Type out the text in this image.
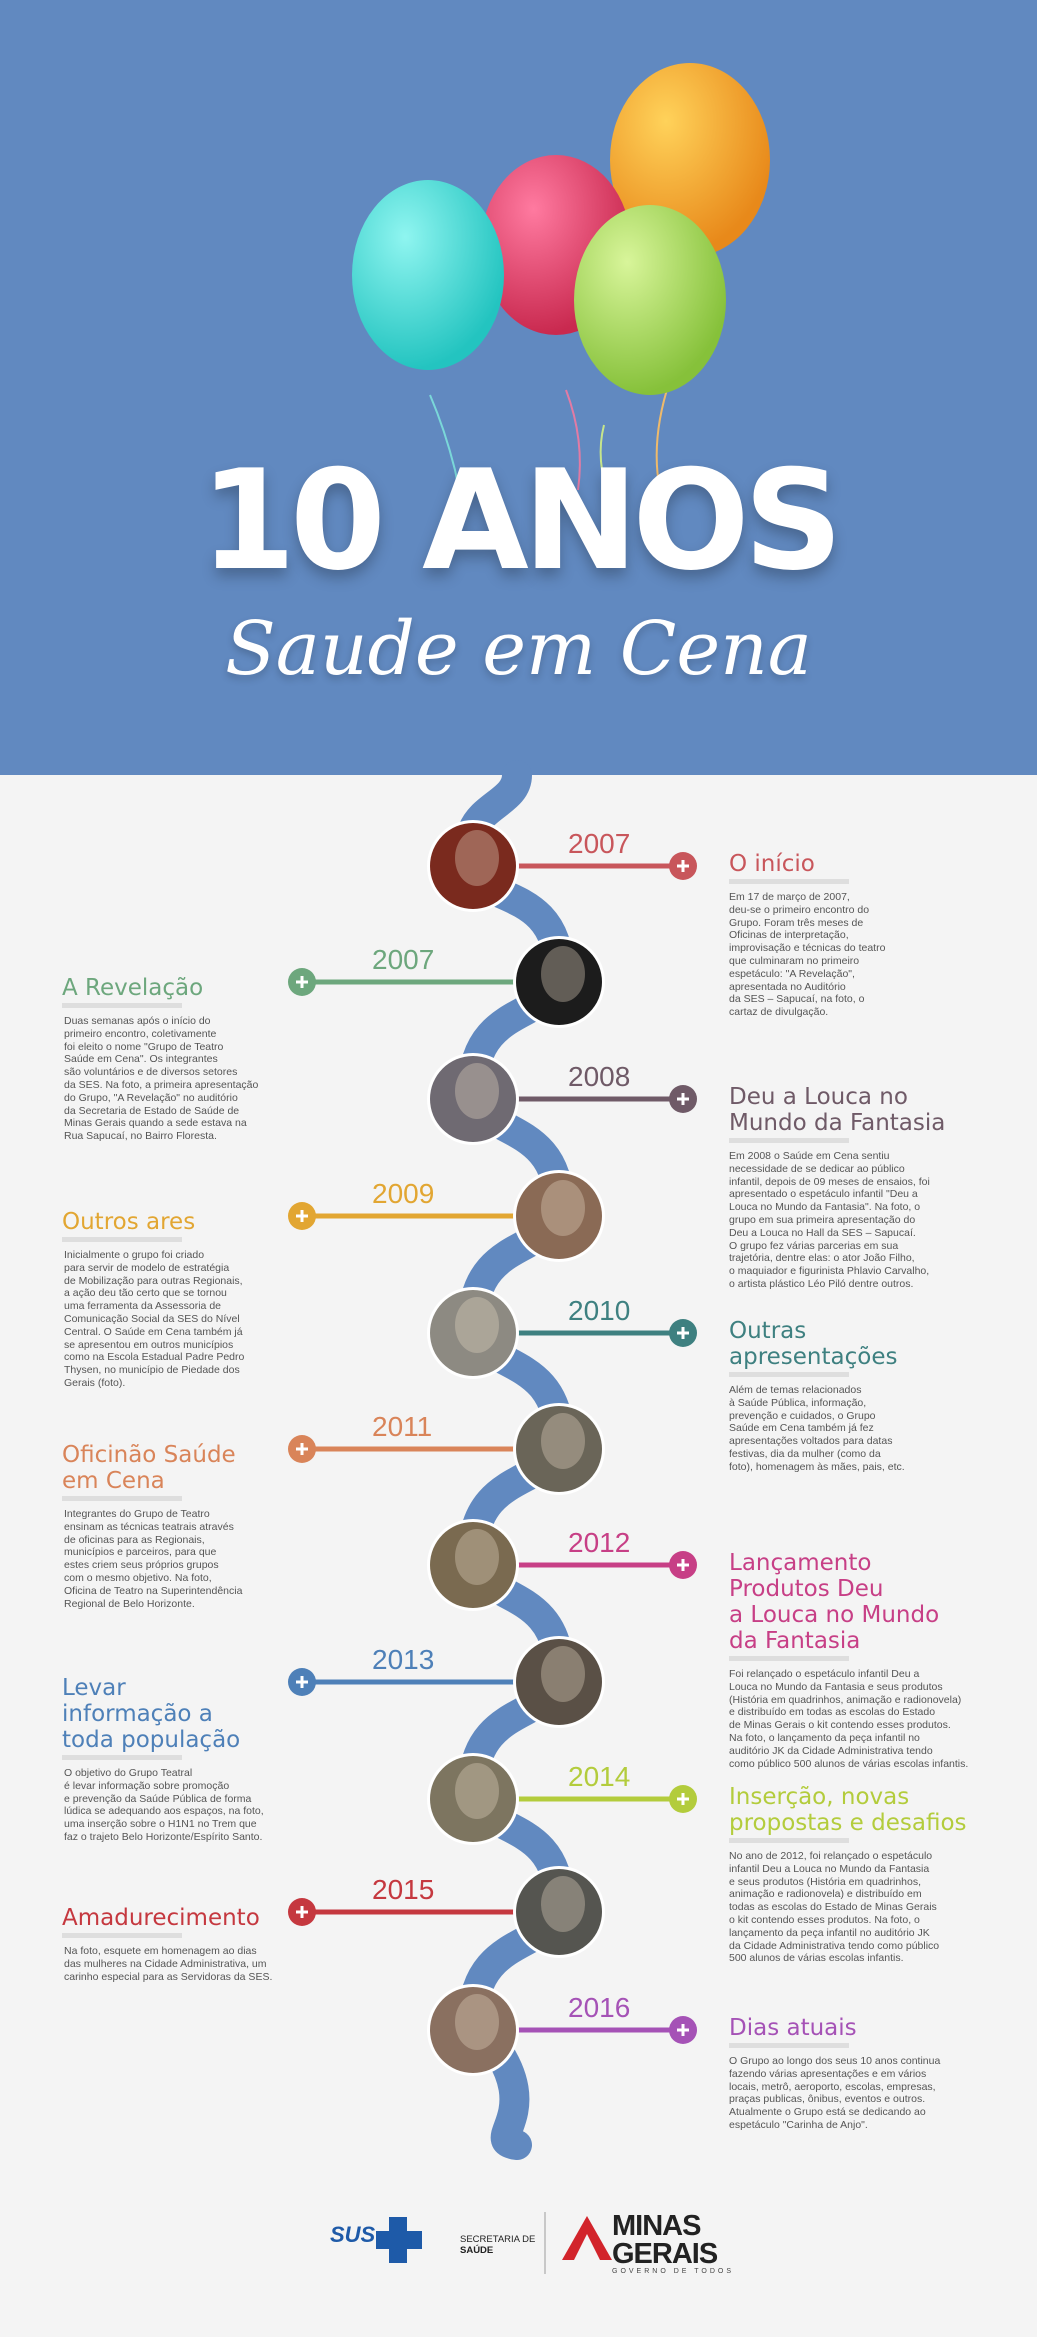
10 ANOS
Saude em Cena
2007
O início
Em 17 de março de 2007,
deu-se o primeiro encontro do
Grupo. Foram três meses de
Oficinas de interpretação,
improvisação e técnicas do teatro
que culminaram no primeiro
espetáculo: "A Revelação",
apresentada no Auditório
da SES – Sapucaí, na foto, o
cartaz de divulgação.
2007
A Revelação
Duas semanas após o início do
primeiro encontro, coletivamente
foi eleito o nome "Grupo de Teatro
Saúde em Cena". Os integrantes
são voluntários e de diversos setores
da SES. Na foto, a primeira apresentação
do Grupo, "A Revelação" no auditório
da Secretaria de Estado de Saúde de
Minas Gerais quando a sede estava na
Rua Sapucaí, no Bairro Floresta.
2008
Deu a Louca no
Mundo da Fantasia
Em 2008 o Saúde em Cena sentiu
necessidade de se dedicar ao público
infantil, depois de 09 meses de ensaios, foi
apresentado o espetáculo infantil "Deu a
Louca no Mundo da Fantasia". Na foto, o
grupo em sua primeira apresentação do
Deu a Louca no Hall da SES – Sapucaí.
O grupo fez várias parcerias em sua
trajetória, dentre elas: o ator João Filho,
o maquiador e figurinista Phlavio Carvalho,
o artista plástico Léo Piló dentre outros.
2009
Outros ares
Inicialmente o grupo foi criado
para servir de modelo de estratégia
de Mobilização para outras Regionais,
a ação deu tão certo que se tornou
uma ferramenta da Assessoria de
Comunicação Social da SES do Nível
Central. O Saúde em Cena também já
se apresentou em outros municípios
como na Escola Estadual Padre Pedro
Thysen, no município de Piedade dos
Gerais (foto).
2010
Outras
apresentações
Além de temas relacionados
à Saúde Pública, informação,
prevenção e cuidados, o Grupo
Saúde em Cena também já fez
apresentações voltados para datas
festivas, dia da mulher (como da
foto), homenagem às mães, pais, etc.
2011
Oficinão Saúde
em Cena
Integrantes do Grupo de Teatro
ensinam as técnicas teatrais através
de oficinas para as Regionais,
municípios e parceiros, para que
estes criem seus próprios grupos
com o mesmo objetivo. Na foto,
Oficina de Teatro na Superintendência
Regional de Belo Horizonte.
2012
Lançamento
Produtos Deu
a Louca no Mundo
da Fantasia
Foi relançado o espetáculo infantil Deu a
Louca no Mundo da Fantasia e seus produtos
(História em quadrinhos, animação e radionovela)
e distribuído em todas as escolas do Estado
de Minas Gerais o kit contendo esses produtos.
Na foto, o lançamento da peça infantil no
auditório JK da Cidade Administrativa tendo
como público 500 alunos de várias escolas infantis.
2013
Levar
informação a
toda população
O objetivo do Grupo Teatral
é levar informação sobre promoção
e prevenção da Saúde Pública de forma
lúdica se adequando aos espaços, na foto,
uma inserção sobre o H1N1 no Trem que
faz o trajeto Belo Horizonte/Espírito Santo.
2014
Inserção, novas
propostas e desafios
No ano de 2012, foi relançado o espetáculo
infantil Deu a Louca no Mundo da Fantasia
e seus produtos (História em quadrinhos,
animação e radionovela) e distribuído em
todas as escolas do Estado de Minas Gerais
o kit contendo esses produtos. Na foto, o
lançamento da peça infantil no auditório JK
da Cidade Administrativa tendo como público
500 alunos de várias escolas infantis.
2015
Amadurecimento
Na foto, esquete em homenagem ao dias
das mulheres na Cidade Administrativa, um
carinho especial para as Servidoras da SES.
2016
Dias atuais
O Grupo ao longo dos seus 10 anos continua
fazendo várias apresentações e em vários
locais, metrô, aeroporto, escolas, empresas,
praças publicas, ônibus, eventos e outros.
Atualmente o Grupo está se dedicando ao
espetáculo "Carinha de Anjo".
SUS	SECRETARIA DE

SAÚDE
MINAS
GERAIS
GOVERNO DE TODOS
